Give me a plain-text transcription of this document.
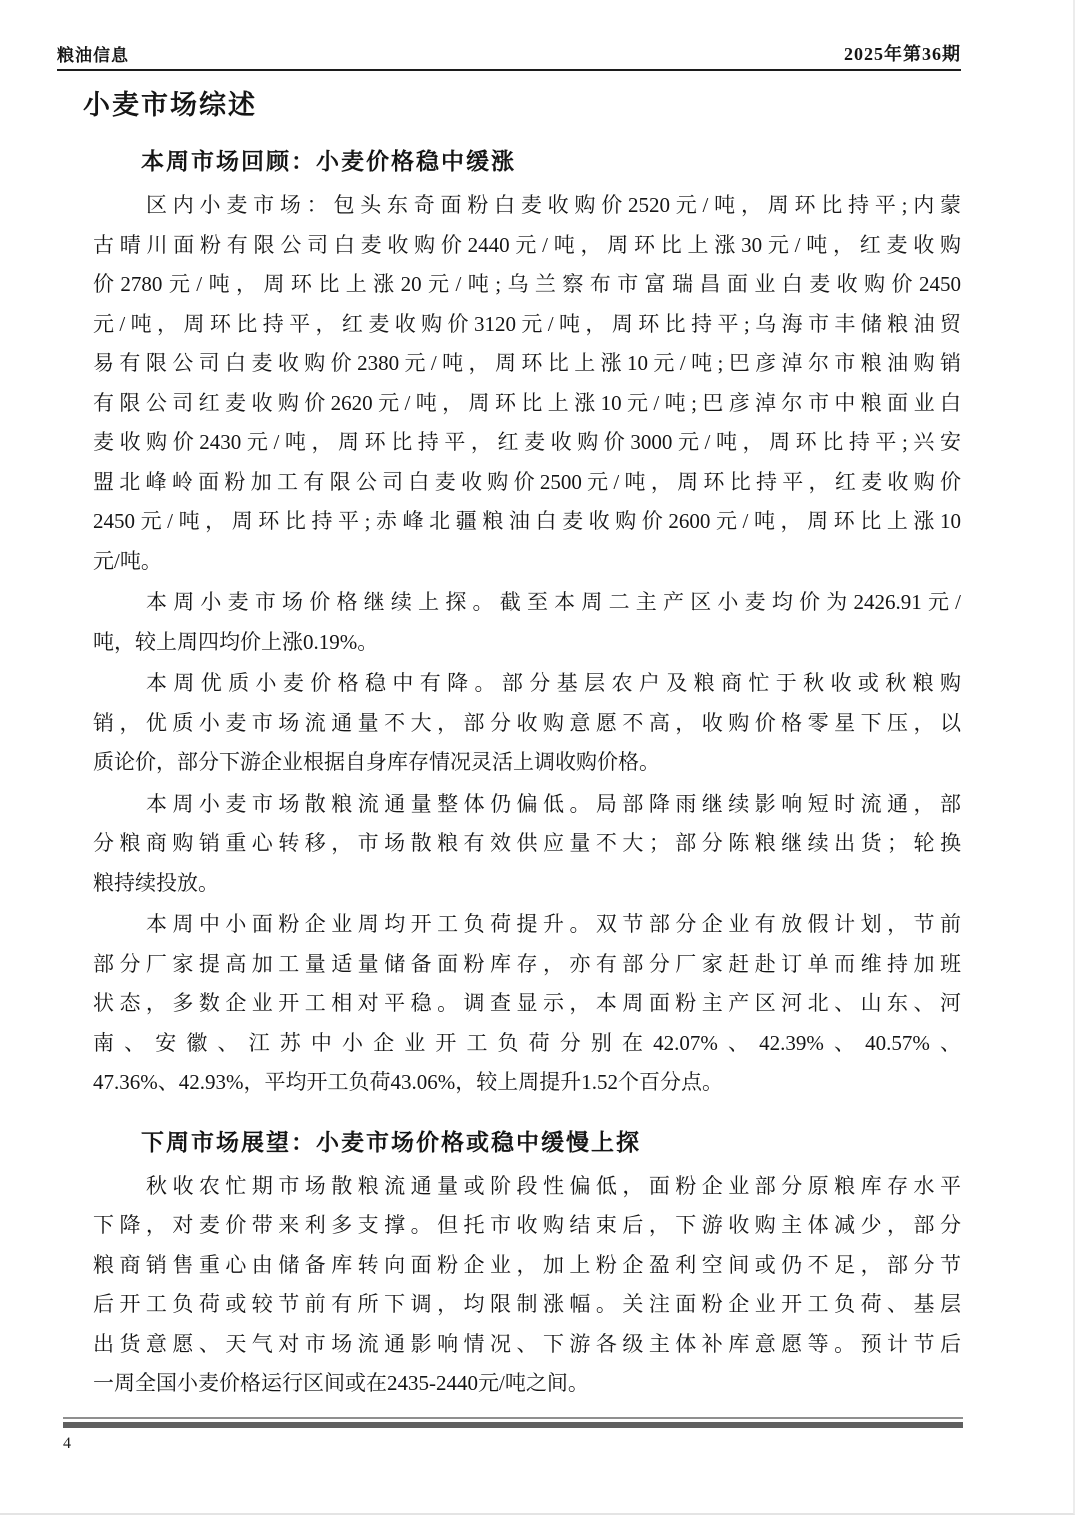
粮油信息	2025年第36期
小麦市场综述
本周市场回顾：小麦价格稳中缓涨
区内小麦市场：包头东奇面粉白麦收购价2520元/吨，周环比持平;内蒙
古晴川面粉有限公司白麦收购价2440元/吨，周环比上涨30元/吨，红麦收购
价2780元/吨，周环比上涨20元/吨;乌兰察布市富瑞昌面业白麦收购价2450
元/吨，周环比持平，红麦收购价3120元/吨，周环比持平;乌海市丰储粮油贸
易有限公司白麦收购价2380元/吨，周环比上涨10元/吨;巴彦淖尔市粮油购销
有限公司红麦收购价2620元/吨，周环比上涨10元/吨;巴彦淖尔市中粮面业白
麦收购价2430元/吨，周环比持平，红麦收购价3000元/吨，周环比持平;兴安
盟北峰岭面粉加工有限公司白麦收购价2500元/吨，周环比持平，红麦收购价
2450元/吨，周环比持平;赤峰北疆粮油白麦收购价2600元/吨，周环比上涨10
元/吨。
本周小麦市场价格继续上探。截至本周二主产区小麦均价为2426.91元/
吨，较上周四均价上涨0.19%。
本周优质小麦价格稳中有降。部分基层农户及粮商忙于秋收或秋粮购
销，优质小麦市场流通量不大，部分收购意愿不高，收购价格零星下压，以
质论价，部分下游企业根据自身库存情况灵活上调收购价格。
本周小麦市场散粮流通量整体仍偏低。局部降雨继续影响短时流通，部
分粮商购销重心转移，市场散粮有效供应量不大；部分陈粮继续出货；轮换
粮持续投放。
本周中小面粉企业周均开工负荷提升。双节部分企业有放假计划，节前
部分厂家提高加工量适量储备面粉库存，亦有部分厂家赶赴订单而维持加班
状态，多数企业开工相对平稳。调查显示，本周面粉主产区河北、山东、河
南、安徽、江苏中小企业开工负荷分别在42.07%、42.39%、40.57%、
47.36%、42.93%，平均开工负荷43.06%，较上周提升1.52个百分点。
下周市场展望：小麦市场价格或稳中缓慢上探
秋收农忙期市场散粮流通量或阶段性偏低，面粉企业部分原粮库存水平
下降，对麦价带来利多支撑。但托市收购结束后，下游收购主体减少，部分
粮商销售重心由储备库转向面粉企业，加上粉企盈利空间或仍不足，部分节
后开工负荷或较节前有所下调，均限制涨幅。关注面粉企业开工负荷、基层
出货意愿、天气对市场流通影响情况、下游各级主体补库意愿等。预计节后
一周全国小麦价格运行区间或在2435-2440元/吨之间。
4
